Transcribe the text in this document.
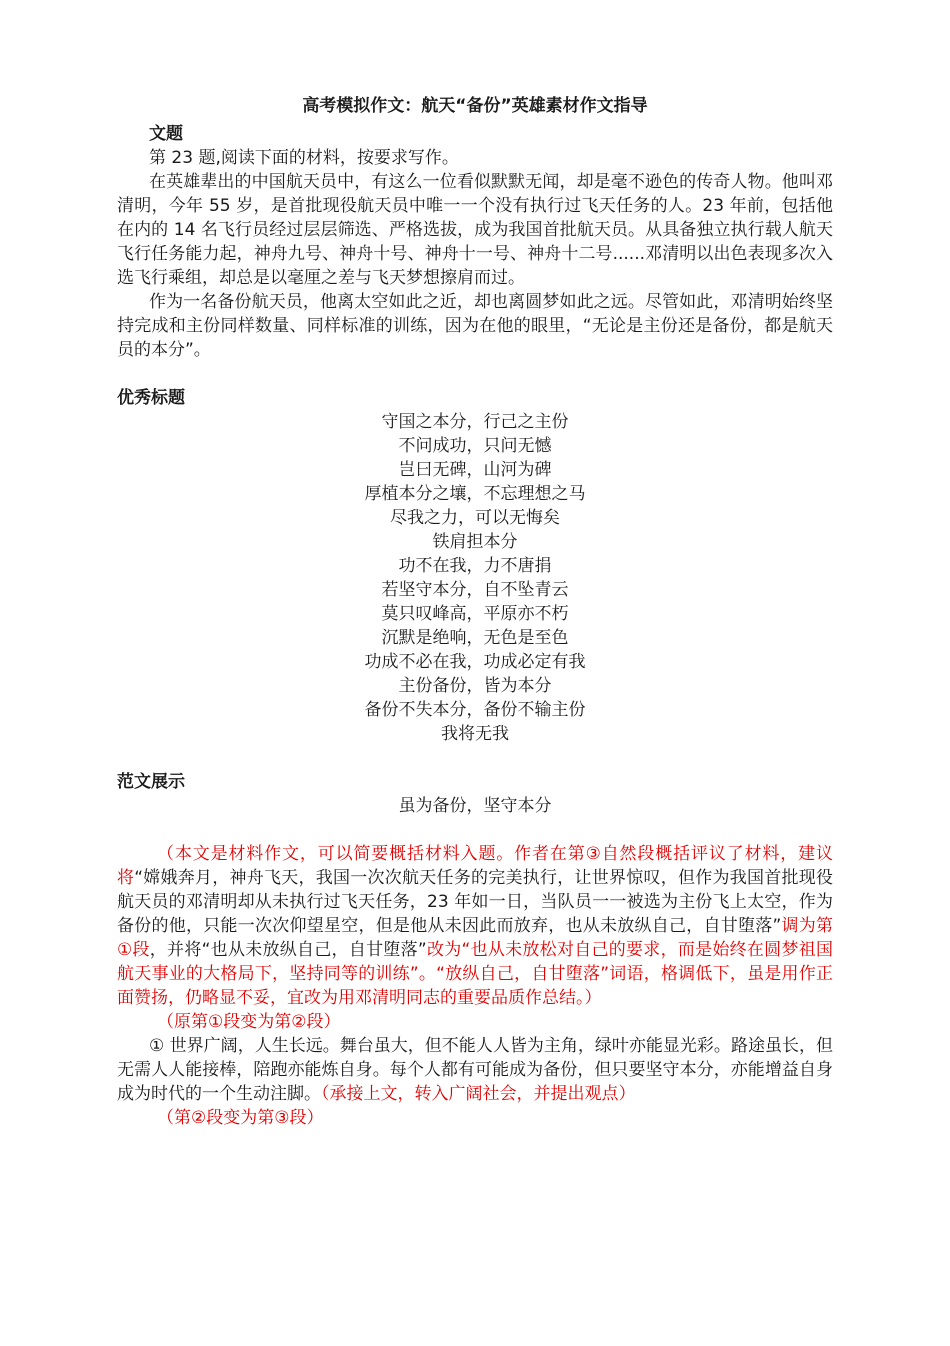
高考模拟作文：航天“备份”英雄素材作文指导
文题

第 23 题,阅读下面的材料，按要求写作。

在英雄辈出的中国航天员中，有这么一位看似默默无闻，却是毫不逊色的传奇人物。他叫邓清明，今年 55 岁，是首批现役航天员中唯一一个没有执行过飞天任务的人。23 年前，包括他在内的 14 名飞行员经过层层筛选、严格选拔，成为我国首批航天员。从具备独立执行载人航天飞行任务能力起，神舟九号、神舟十号、神舟十一号、神舟十二号......邓清明以出色表现多次入选飞行乘组，却总是以毫厘之差与飞天梦想擦肩而过。

作为一名备份航天员，他离太空如此之近，却也离圆梦如此之远。尽管如此，邓清明始终坚持完成和主份同样数量、同样标准的训练，因为在他的眼里，“无论是主份还是备份，都是航天员的本分”。

优秀标题
守国之本分，行己之主份
不问成功，只问无憾
岂曰无碑，山河为碑
厚植本分之壤，不忘理想之马
尽我之力，可以无悔矣
铁肩担本分
功不在我，力不唐捐
若坚守本分，自不坠青云
莫只叹峰高，平原亦不朽
沉默是绝响，无色是至色
功成不必在我，功成必定有我
主份备份，皆为本分
备份不失本分，备份不输主份
我将无我
范文展示
虽为备份，坚守本分

（本文是材料作文，可以简要概括材料入题。作者在第③自然段概括评议了材料，建议将“嫦娥奔月，神舟飞天，我国一次次航天任务的完美执行，让世界惊叹，但作为我国首批现役航天员的邓清明却从未执行过飞天任务，23 年如一日，当队员一一被选为主份飞上太空，作为备份的他，只能一次次仰望星空，但是他从未因此而放弃，也从未放纵自己，自甘堕落”调为第①段，并将“也从未放纵自己，自甘堕落”改为“也从未放松对自己的要求，而是始终在圆梦祖国航天事业的大格局下，坚持同等的训练”。“放纵自己，自甘堕落”词语，格调低下，虽是用作正面赞扬，仍略显不妥，宜改为用邓清明同志的重要品质作总结。）

（原第①段变为第②段）

① 世界广阔，人生长远。舞台虽大，但不能人人皆为主角，绿叶亦能显光彩。路途虽长，但无需人人能接棒，陪跑亦能炼自身。每个人都有可能成为备份，但只要坚守本分，亦能增益自身成为时代的一个生动注脚。（承接上文，转入广阔社会，并提出观点）

（第②段变为第③段）
